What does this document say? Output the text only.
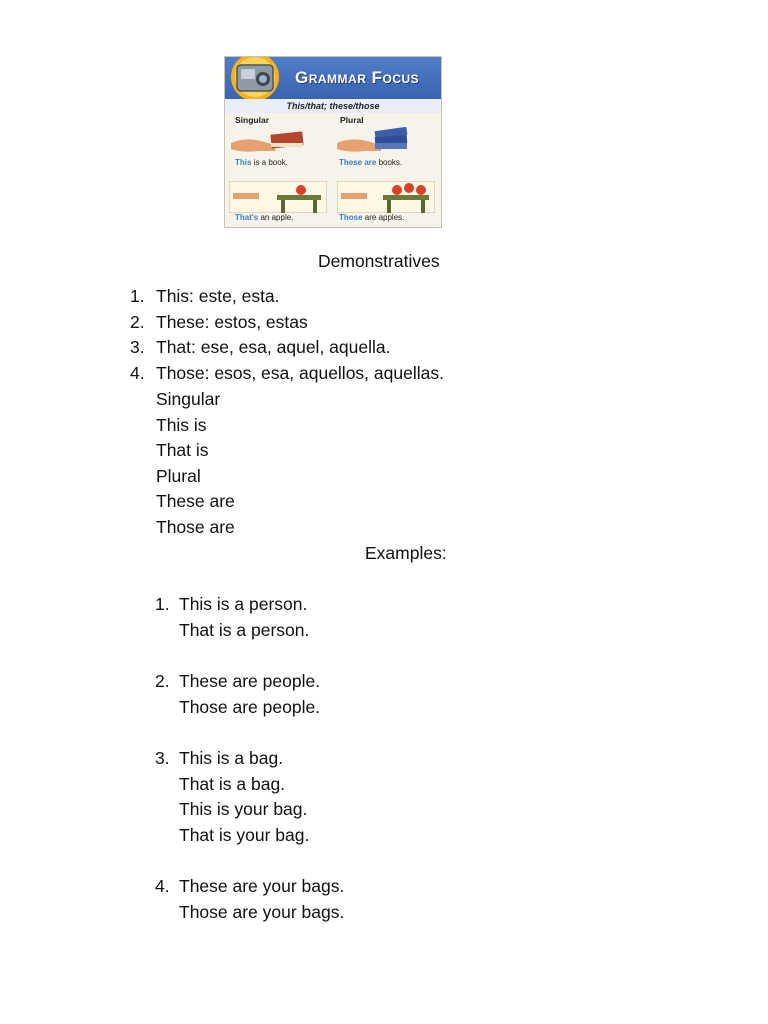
Grammar Focus
This/that; these/those
Singular	Plural
This is a book.	These are books.
That's an apple.	Those are apples.
Demonstratives
1. This: este, esta.
2. These: estos, estas
3. That: ese, esa, aquel, aquella.
4. Those: esos, esa, aquellos, aquellas.
Singular
This is
That is
Plural
These are
Those are
Examples:
1. This is a person.
That is a person.
2. These are people.
Those are people.
3. This is a bag.
That is a bag.
This is your bag.
That is your bag.
4. These are your bags.
Those are your bags.
